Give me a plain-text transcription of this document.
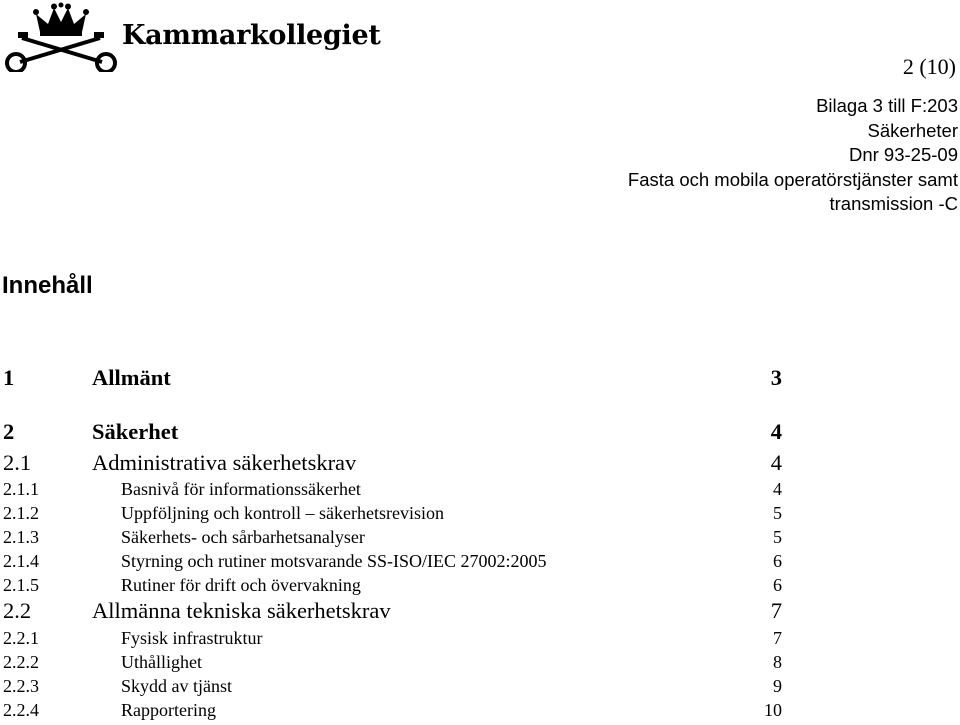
Kammarkollegiet
2 (10)
Bilaga 3 till F:203
Säkerheter
Dnr 93-25-09
Fasta och mobila operatörstjänster samt
transmission -C
Innehåll
1	Allmänt	3
2	Säkerhet	4
2.1	Administrativa säkerhetskrav	4
2.1.1	Basnivå för informationssäkerhet	4
2.1.2	Uppföljning och kontroll – säkerhetsrevision	5
2.1.3	Säkerhets- och sårbarhetsanalyser	5
2.1.4	Styrning och rutiner motsvarande SS-ISO/IEC 27002:2005	6
2.1.5	Rutiner för drift och övervakning	6
2.2	Allmänna tekniska säkerhetskrav	7
2.2.1	Fysisk infrastruktur	7
2.2.2	Uthållighet	8
2.2.3	Skydd av tjänst	9
2.2.4	Rapportering	10
